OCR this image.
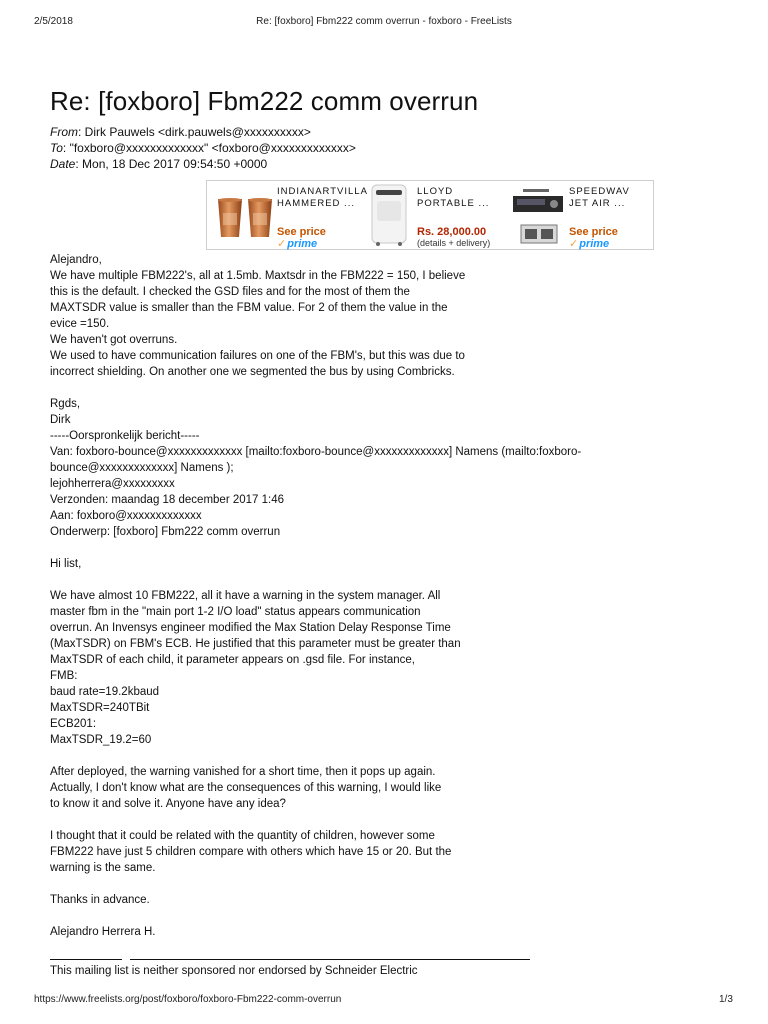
2/5/2018	Re: [foxboro] Fbm222 comm overrun - foxboro - FreeLists
Re: [foxboro] Fbm222 comm overrun
From: Dirk Pauwels <dirk.pauwels@xxxxxxxxxx>
To: "foxboro@xxxxxxxxxxxxx" <foxboro@xxxxxxxxxxxxx>
Date: Mon, 18 Dec 2017 09:54:50 +0000
INDIANARTVILLA
HAMMERED ...
See price
✓prime
LLOYD
PORTABLE ...
Rs. 28,000.00
(details + delivery)
SPEEDWAV
JET AIR ...
See price
✓prime
Alejandro,
We have multiple FBM222's, all at 1.5mb. Maxtsdr in the FBM222 = 150, I believe
this is the default. I checked the GSD files and for the most of them the
MAXTSDR value is smaller than the FBM value. For 2 of them the value in the
evice =150.
We haven't got overruns.
We used to have communication failures on one of the FBM's, but this was due to
incorrect shielding. On another one we segmented the bus by using Combricks.
Rgds,
Dirk
-----Oorspronkelijk bericht-----
Van: foxboro-bounce@xxxxxxxxxxxxx [mailto:foxboro-bounce@xxxxxxxxxxxxx] Namens (mailto:foxboro-
bounce@xxxxxxxxxxxxx] Namens );
lejohherrera@xxxxxxxxx
Verzonden: maandag 18 december 2017 1:46
Aan: foxboro@xxxxxxxxxxxxx
Onderwerp: [foxboro] Fbm222 comm overrun
Hi list,
We have almost 10 FBM222, all it have a warning in the system manager. All
master fbm in the "main port 1-2 I/O load" status appears communication
overrun. An Invensys engineer modified the Max Station Delay Response Time
(MaxTSDR) on FBM's ECB. He justified that this parameter must be greater than
MaxTSDR of each child, it parameter appears on .gsd file. For instance,
FMB:
baud rate=19.2kbaud
MaxTSDR=240TBit
ECB201:
MaxTSDR_19.2=60
After deployed, the warning vanished for a short time, then it pops up again.
Actually, I don't know what are the consequences of this warning, I would like
to know it and solve it. Anyone have any idea?
I thought that it could be related with the quantity of children, however some
FBM222 have just 5 children compare with others which have 15 or 20. But the
warning is the same.
Thanks in advance.
Alejandro Herrera H.
This mailing list is neither sponsored nor endorsed by Schneider Electric
https://www.freelists.org/post/foxboro/foxboro-Fbm222-comm-overrun	1/3
